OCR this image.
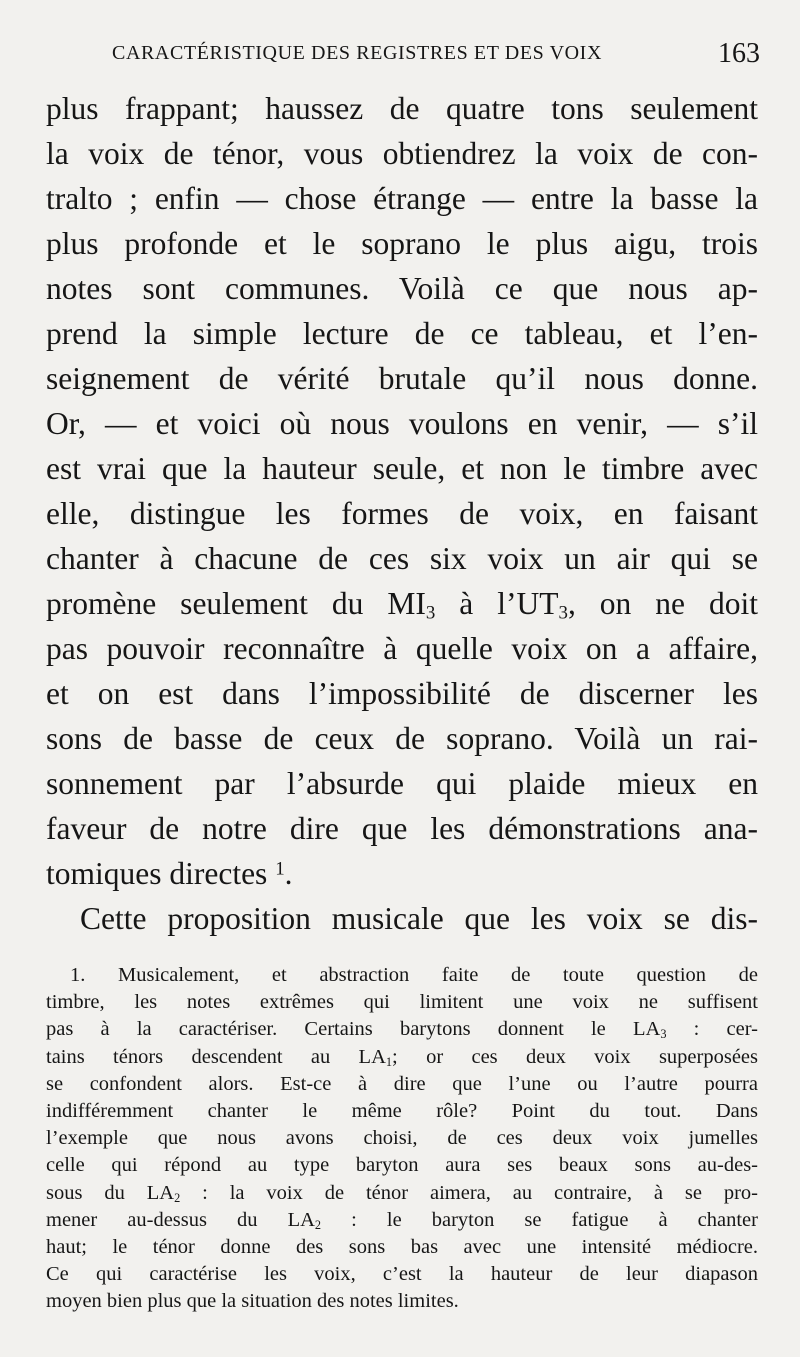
CARACTÉRISTIQUE DES REGISTRES ET DES VOIX	163
plus frappant; haussez de quatre tons seulement
la voix de ténor, vous obtiendrez la voix de con-
tralto ; enfin — chose étrange — entre la basse la
plus profonde et le soprano le plus aigu, trois
notes sont communes. Voilà ce que nous ap-
prend la simple lecture de ce tableau, et l’en-
seignement de vérité brutale qu’il nous donne.
Or, — et voici où nous voulons en venir, — s’il
est vrai que la hauteur seule, et non le timbre avec
elle, distingue les formes de voix, en faisant
chanter à chacune de ces six voix un air qui se
promène seulement du $MI_3$ à $l’UT_3$, on ne doit
pas pouvoir reconnaître à quelle voix on a affaire,
et on est dans l’impossibilité de discerner les
sons de basse de ceux de soprano. Voilà un rai-
sonnement par l’absurde qui plaide mieux en
faveur de notre dire que les démonstrations ana-
tomiques directes $^1$.
Cette proposition musicale que les voix se dis-
1. Musicalement, et abstraction faite de toute question de
timbre, les notes extrêmes qui limitent une voix ne suffisent
pas à la caractériser. Certains barytons donnent le $LA_3$ : cer-
tains ténors descendent au $LA_1$; or ces deux voix superposées
se confondent alors. Est-ce à dire que l’une ou l’autre pourra
indifféremment chanter le même rôle? Point du tout. Dans
l’exemple que nous avons choisi, de ces deux voix jumelles
celle qui répond au type baryton aura ses beaux sons au-des-
sous du $LA_2$ : la voix de ténor aimera, au contraire, à se pro-
mener au-dessus du $LA_2$ : le baryton se fatigue à chanter
haut; le ténor donne des sons bas avec une intensité médiocre.
Ce qui caractérise les voix, c’est la hauteur de leur diapason
moyen bien plus que la situation des notes limites.
